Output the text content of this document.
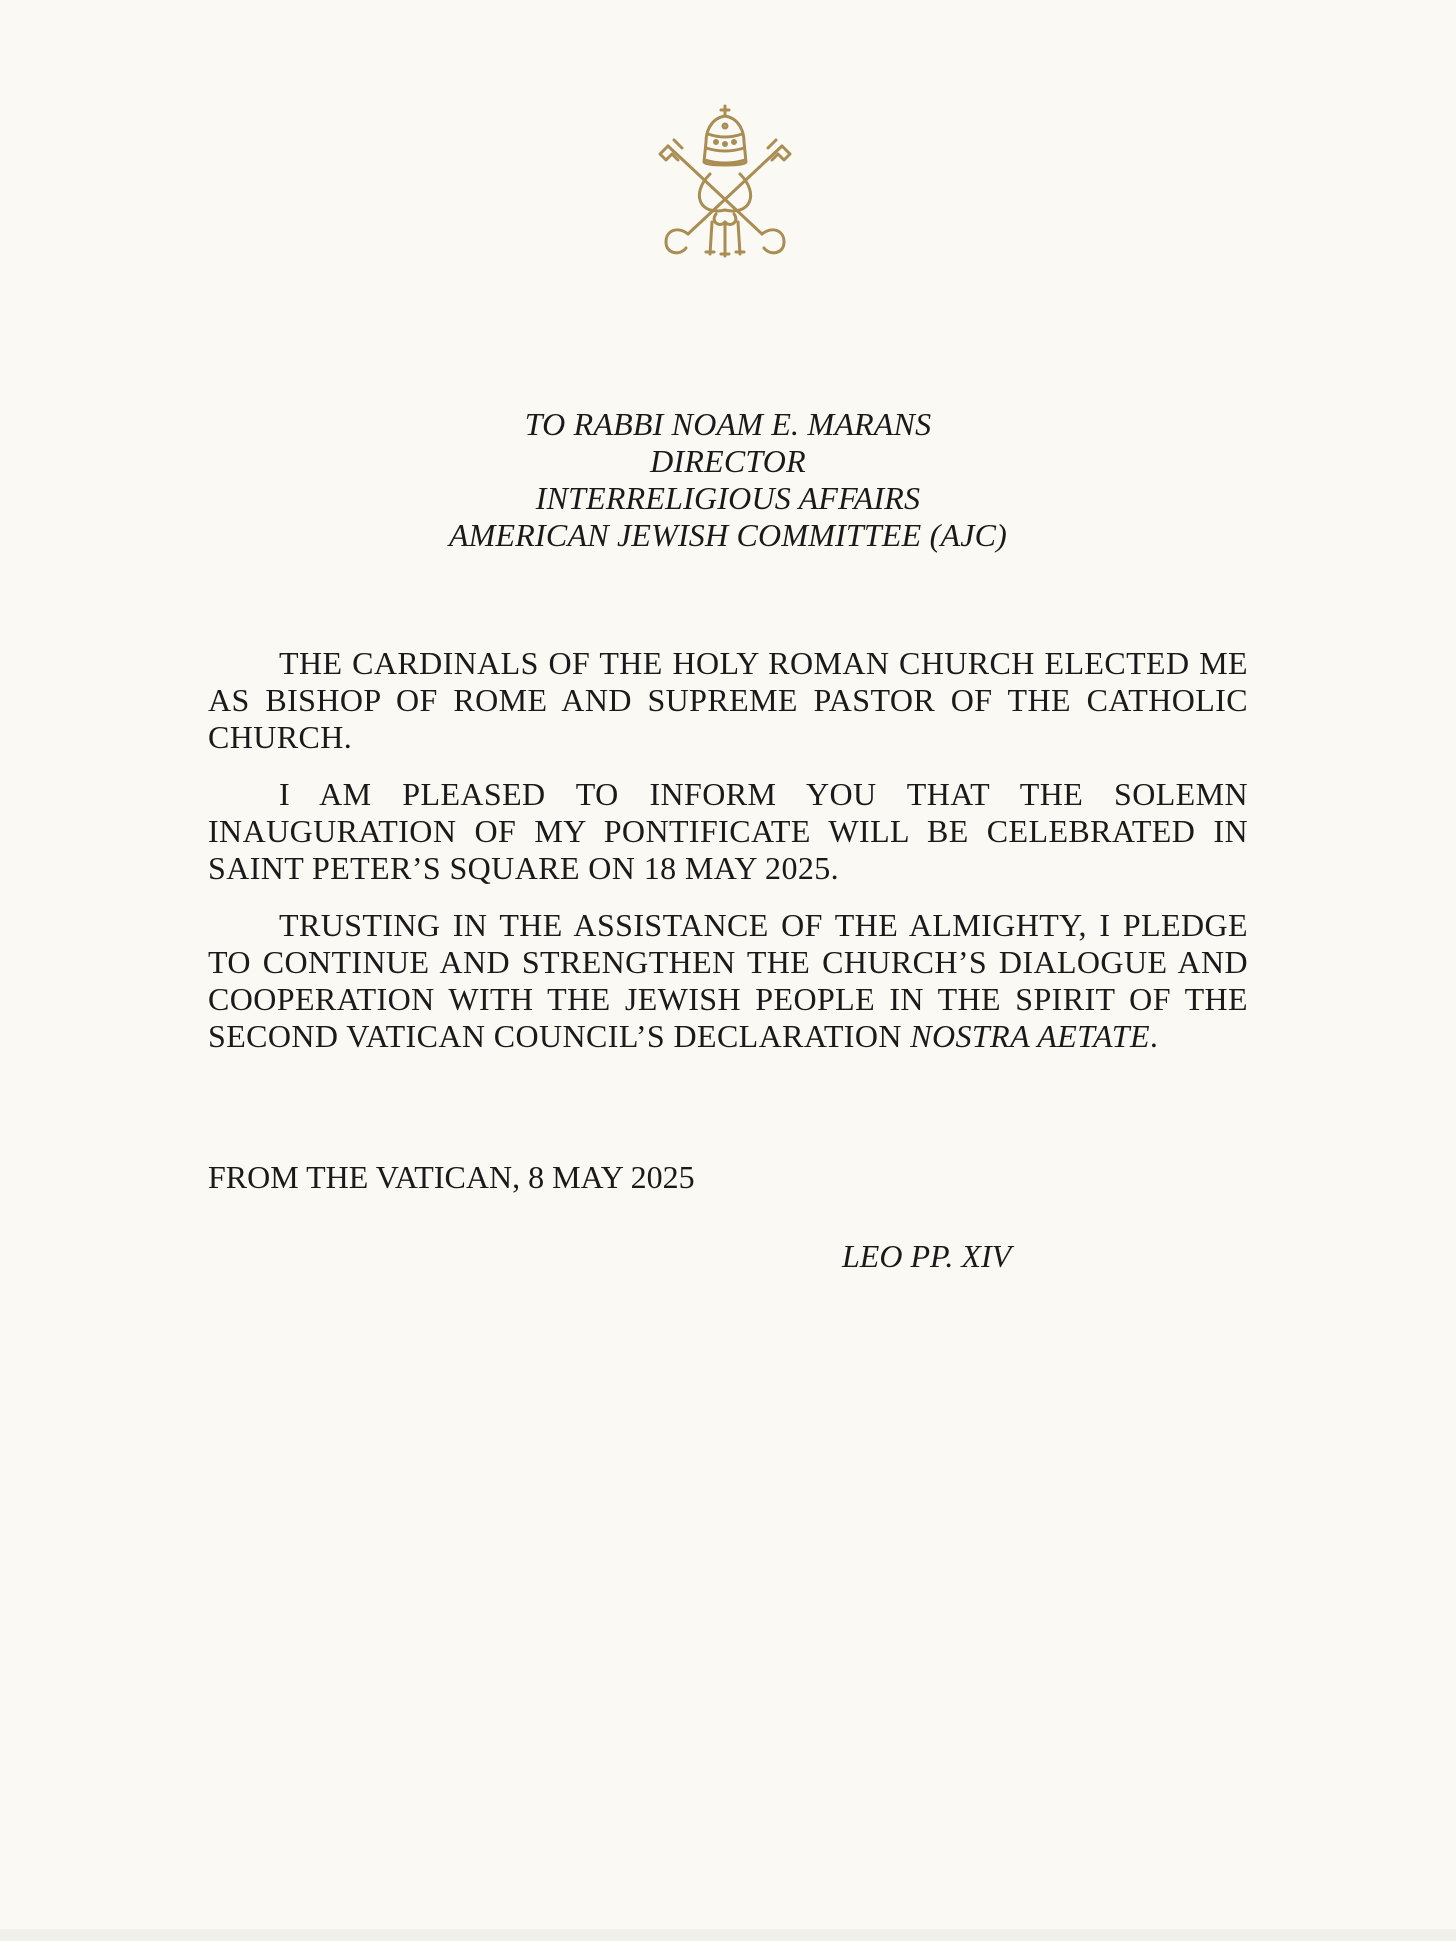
TO RABBI NOAM E. MARANS
DIRECTOR
INTERRELIGIOUS AFFAIRS
AMERICAN JEWISH COMMITTEE (AJC)

THE CARDINALS OF THE HOLY ROMAN CHURCH ELECTED ME AS BISHOP OF ROME AND SUPREME PASTOR OF THE CATHOLIC CHURCH.

I AM PLEASED TO INFORM YOU THAT THE SOLEMN INAUGURATION OF MY PONTIFICATE WILL BE CELEBRATED IN SAINT PETER’S SQUARE ON 18 MAY 2025.

TRUSTING IN THE ASSISTANCE OF THE ALMIGHTY, I PLEDGE TO CONTINUE AND STRENGTHEN THE CHURCH’S DIALOGUE AND COOPERATION WITH THE JEWISH PEOPLE IN THE SPIRIT OF THE SECOND VATICAN COUNCIL’S DECLARATION NOSTRA AETATE.

FROM THE VATICAN, 8 MAY 2025
LEO PP. XIV
